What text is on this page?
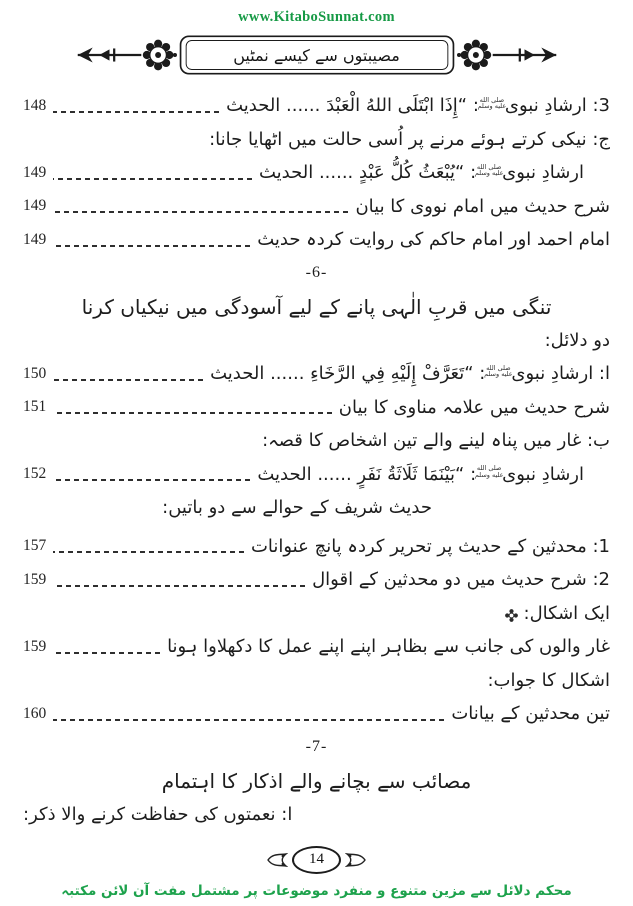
www.KitaboSunnat.com
مصیبتوں سے کیسے نمٹیں
3: ارشادِ نبوی
صلى الله
عليه وسلم
: “إِذَا ابْتَلَى اللهُ الْعَبْدَ ...... الحدیث
148
ج: نیکی کرتے ہوئے مرنے پر اُسی حالت میں اٹھایا جانا:
ارشادِ نبوی
صلى الله
عليه وسلم
: “يُبْعَثُ كُلُّ عَبْدٍ ...... الحدیث
149
شرح حدیث میں امام نووی کا بیان
149
امام احمد اور امام حاکم کی روایت کردہ حدیث
149
-6-
تنگی میں قربِ الٰہی پانے کے لیے آسودگی میں نیکیاں کرنا
دو دلائل:
ا: ارشادِ نبوی
صلى الله
عليه وسلم
: “تَعَرَّفْ إِلَيْهِ فِي الرَّخَاءِ ...... الحدیث
150
شرح حدیث میں علامہ مناوی کا بیان
151
ب: غار میں پناہ لینے والے تین اشخاص کا قصہ:
ارشادِ نبوی
صلى الله
عليه وسلم
: “بَيْنَمَا ثَلَاثَةُ نَفَرٍ ...... الحدیث
152
حدیث شریف کے حوالے سے دو باتیں:
1: محدثین کے حدیث پر تحریر کردہ پانچ عنوانات
157
2: شرح حدیث میں دو محدثین کے اقوال
159
ایک اشکال:
غار والوں کی جانب سے بظاہر اپنے اپنے عمل کا دکھلاوا ہونا
159
اشکال کا جواب:
تین محدثین کے بیانات
160
-7-
مصائب سے بچانے والے اذکار کا اہتمام
ا: نعمتوں کی حفاظت کرنے والا ذکر:
14
محکم دلائل سے مزین متنوع و منفرد موضوعات پر مشتمل مفت آن لائن مکتبہ
